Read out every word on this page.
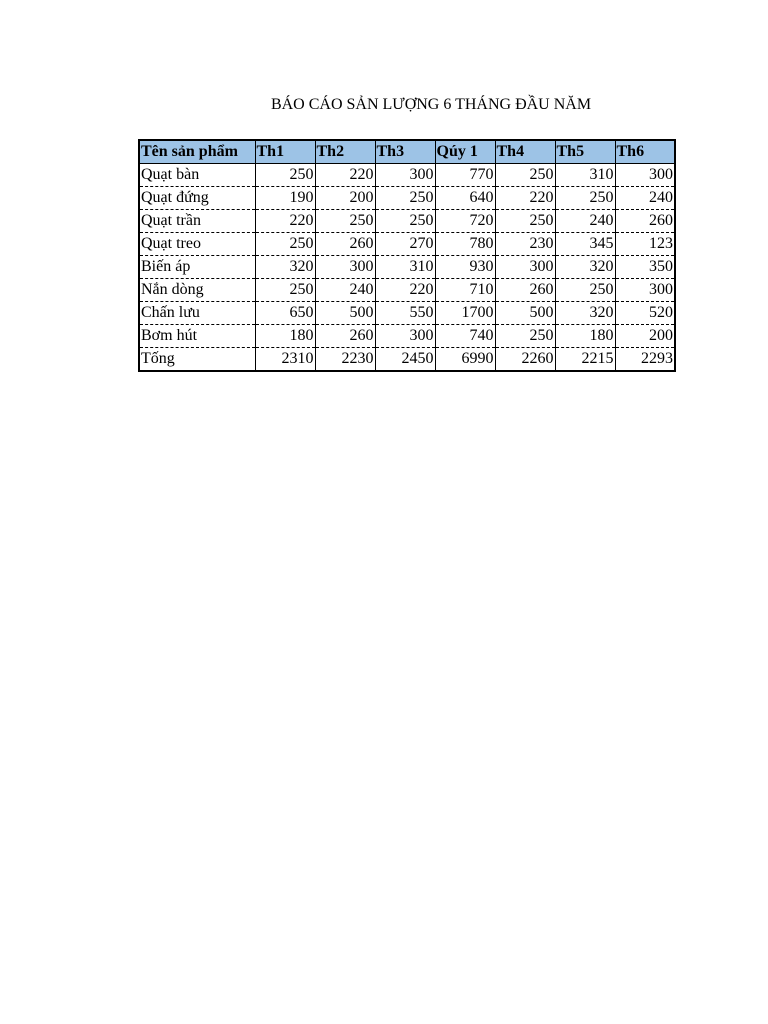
BÁO CÁO SẢN LƯỢNG 6 THÁNG ĐẦU NĂM
Tên sản phẩm	Th1	Th2	Th3	Qúy 1	Th4	Th5	Th6
Quạt bàn	250	220	300	770	250	310	300
Quạt đứng	190	200	250	640	220	250	240
Quạt trần	220	250	250	720	250	240	260
Quạt treo	250	260	270	780	230	345	123
Biến áp	320	300	310	930	300	320	350
Nắn dòng	250	240	220	710	260	250	300
Chấn lưu	650	500	550	1700	500	320	520
Bơm hút	180	260	300	740	250	180	200
Tống	2310	2230	2450	6990	2260	2215	2293
